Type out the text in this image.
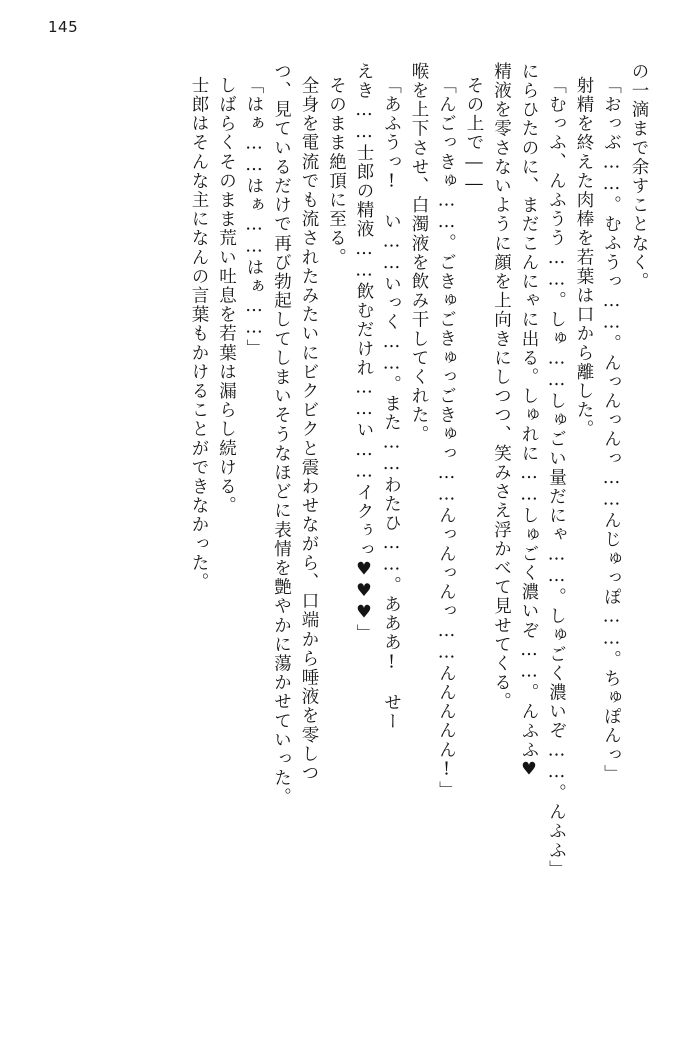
145
の一滴まで余すことなく。
「おっぶ……。むふうっ……。んっんっんっ……んじゅっぽ……。ちゅぽんっ」
射精を終えた肉棒を若葉は口から離した。
「むっふ、んふうう……。しゅ……しゅごい量だにゃ……。しゅごく濃いぞ……。んふふ」
にらひたのに、まだこんにゃに出る。しゅれに……しゅごく濃いぞ……。んふふ♥
精液を零さないように顔を上向きにしつつ、笑みさえ浮かべて見せてくる。
その上で――
「んごっきゅ……。ごきゅごきゅっごきゅっ……んっんっんっ……んんんんん!」
喉を上下させ、白濁液を飲み干してくれた。
「あふうっ!　い……いっく……。また……わたひ……。あああ!　せー
えき……士郎の精液……飲むだけれ……い……イクぅっ♥♥♥」
そのまま絶頂に至る。
全身を電流でも流されたみたいにビクビクと震わせながら、口端から唾液を零しつ
つ、見ているだけで再び勃起してしまいそうなほどに表情を艶やかに蕩かせていった。
「はぁ……はぁ……はぁ……」
しばらくそのまま荒い吐息を若葉は漏らし続ける。
士郎はそんな主になんの言葉もかけることができなかった。
